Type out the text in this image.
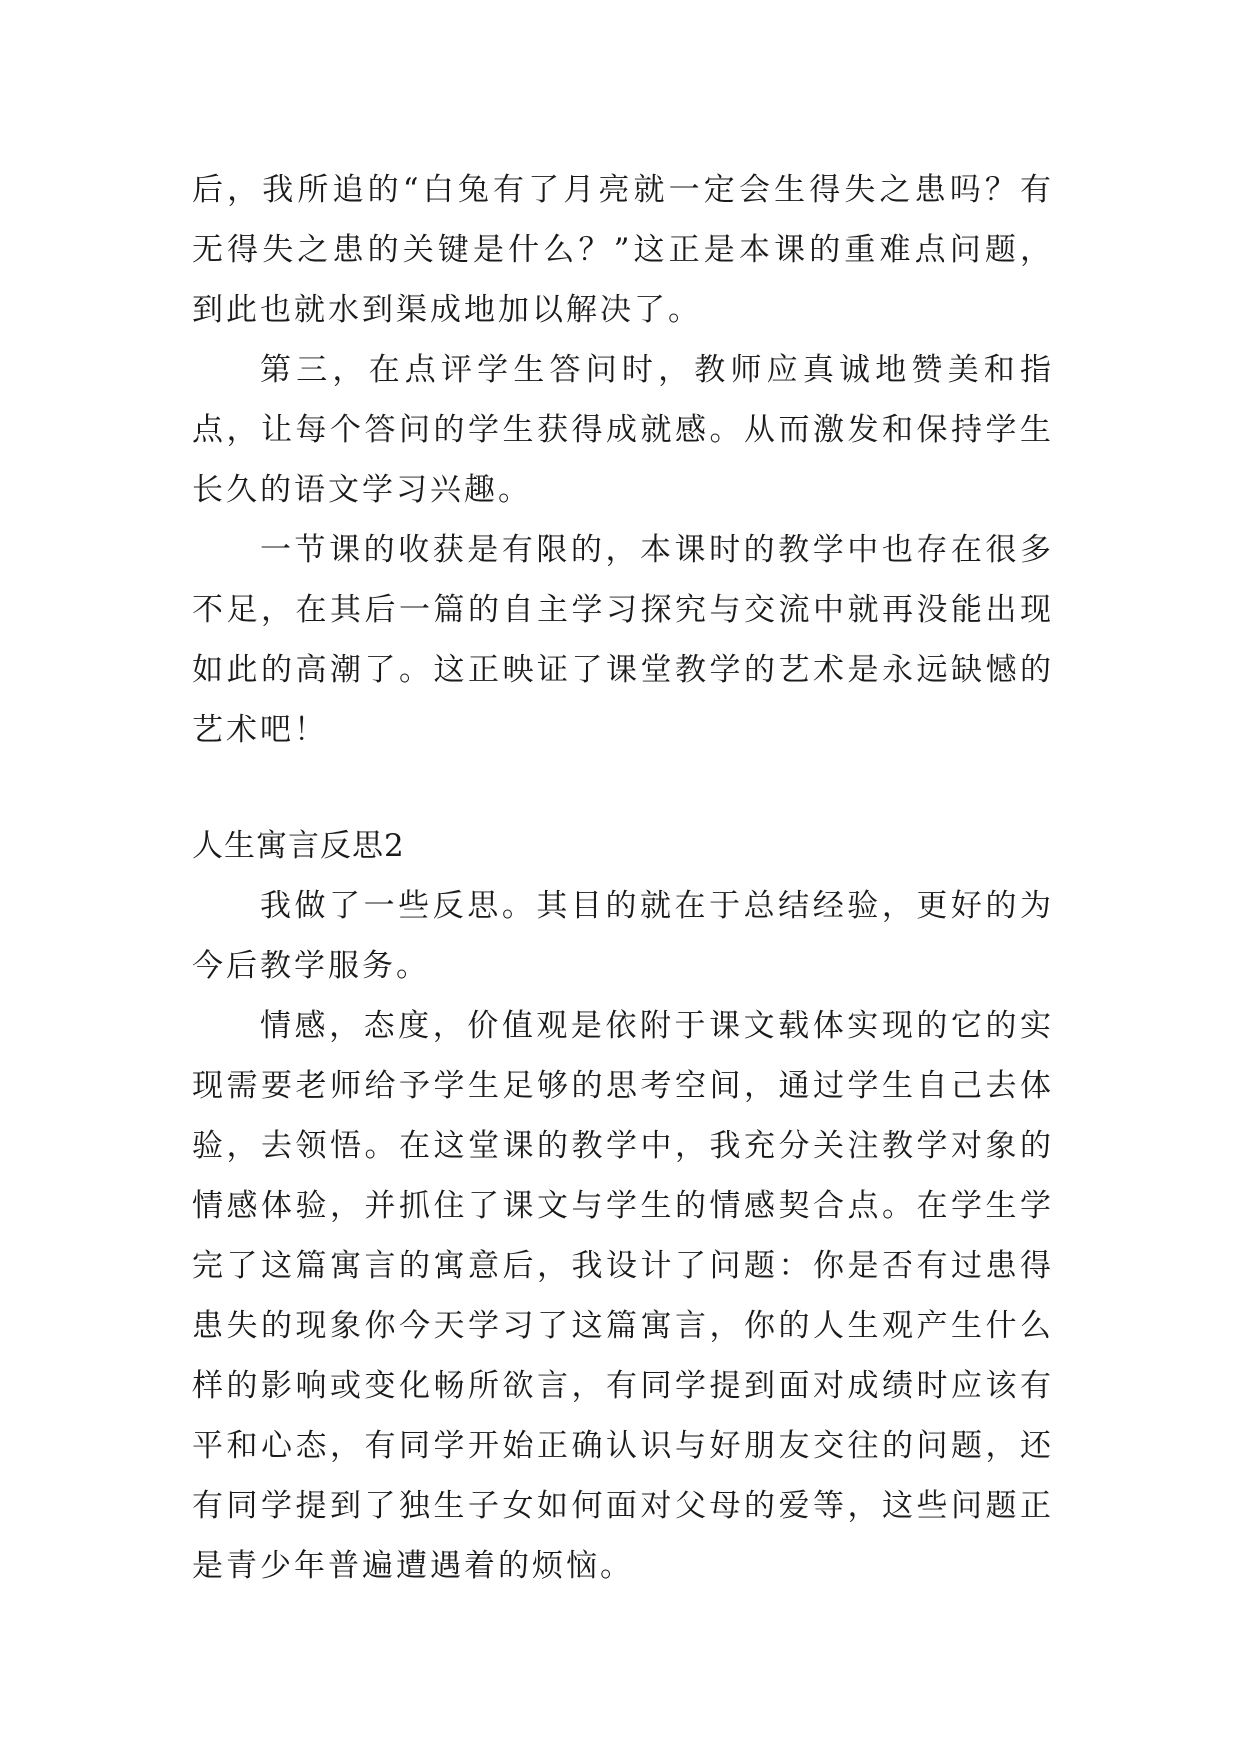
后，我所追的“白兔有了月亮就一定会生得失之患吗？有无得失之患的关键是什么？”这正是本课的重难点问题，到此也就水到渠成地加以解决了。

第三，在点评学生答问时，教师应真诚地赞美和指点，让每个答问的学生获得成就感。从而激发和保持学生长久的语文学习兴趣。

一节课的收获是有限的，本课时的教学中也存在很多不足，在其后一篇的自主学习探究与交流中就再没能出现如此的高潮了。这正映证了课堂教学的艺术是永远缺憾的艺术吧！

人生寓言反思2

我做了一些反思。其目的就在于总结经验，更好的为今后教学服务。

情感，态度，价值观是依附于课文载体实现的它的实现需要老师给予学生足够的思考空间，通过学生自己去体验，去领悟。在这堂课的教学中，我充分关注教学对象的情感体验，并抓住了课文与学生的情感契合点。在学生学完了这篇寓言的寓意后，我设计了问题：你是否有过患得患失的现象你今天学习了这篇寓言，你的人生观产生什么样的影响或变化畅所欲言，有同学提到面对成绩时应该有平和心态，有同学开始正确认识与好朋友交往的问题，还有同学提到了独生子女如何面对父母的爱等，这些问题正是青少年普遍遭遇着的烦恼。
